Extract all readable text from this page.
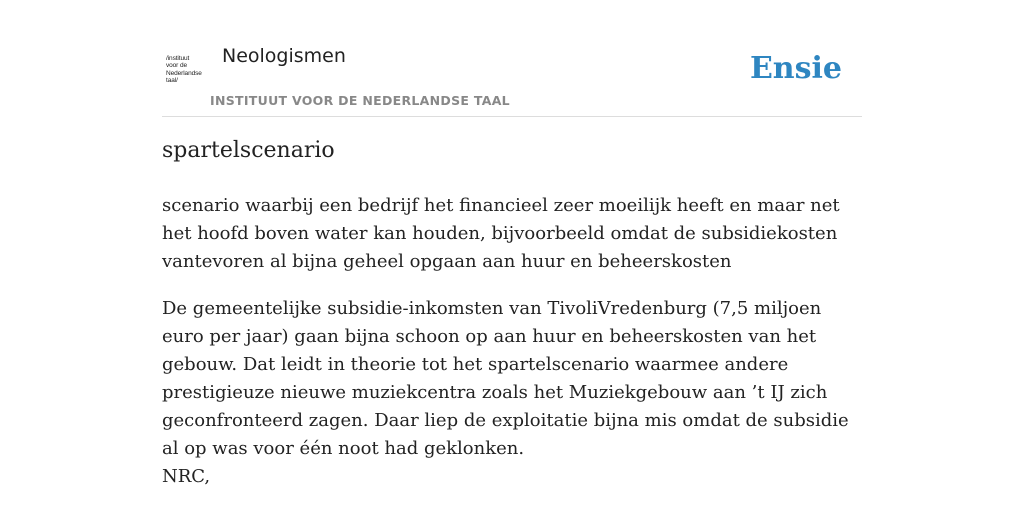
/instituut
voor de
Nederlandse
taal/
Neologismen
INSTITUUT VOOR DE NEDERLANDSE TAAL
Ensie
spartelscenario

scenario waarbij een bedrijf het financieel zeer moeilijk heeft en maar net het hoofd boven water kan houden, bijvoorbeeld omdat de subsidiekosten vantevoren al bijna geheel opgaan aan huur en beheerskosten

De gemeentelijke subsidie-inkomsten van TivoliVredenburg (7,5 miljoen euro per jaar) gaan bijna schoon op aan huur en beheerskosten van het gebouw. Dat leidt in theorie tot het spartelscenario waarmee andere prestigieuze nieuwe muziekcentra zoals het Muziekgebouw aan ’t IJ zich geconfronteerd zagen. Daar liep de exploitatie bijna mis omdat de subsidie al op was voor één noot had geklonken.
NRC,
